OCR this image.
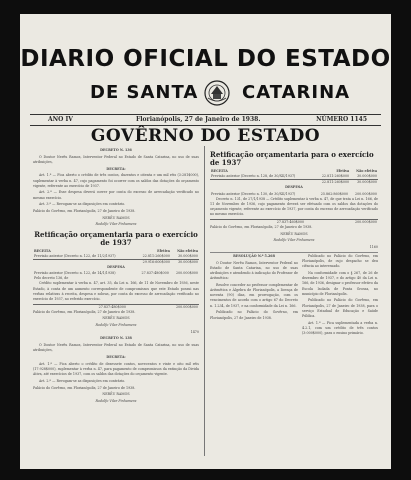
DIARIO OFICIAL DO ESTADO
DE SANTA CATARINA
ANO IV	Florianópolis, 27 de Janeiro de 1938.	NÚMERO 1145
GOVÊRNO DO ESTADO

DECRETO N. 136

O Doutor Nerêu Ramos, Interventor Federal no Estado de Santa Catarina, no uso de suas atribuições,

DECRETA:

Art. 1.º — Fica aberto o crédito de três contos, duzentos e oitenta e um mil réis (3:281$000), suplementar à verba n. 47, cujo pagamento foi ocorrer com os saldos das dotações do orçamento vigente, referente ao exercício de 1937.

Art. 2.º — Esse despesa deverá correr por conta do excesso de arrecadação verificado no mesmo exercício.

Art. 3.º — Revogam-se as disposições em contrário.

Palácio do Govêrno, em Florianópolis, 27 de Janeiro de 1938.

NERÊU RAMOS

Rodolfo Vilar Pinhamera

Retificação orçamentaria para o exercício de 1937

RECEITA	Efetiva	Não efetiva
Previsão anterior (Decreto n. 122, de 11/2/1937)	22.811:260$000	30.000$000
	29.916:600$000	30.000$000

DESPESA

Previsão anterior (Decreto n. 122, de 14/1/1938)	27.837:480$000	200.000$000
Pelo decreto 136, de		

Crédito suplementar à verba n. 47, art. 35, da Lei n. 166, de 11 de Novembro de 1936, neste Estado, à conta de um aumento correspondente de compromissos que este Estado possui nas verbas relativas à receita, despesa e sobras, por conta do excesso de arrecadação verificado no exercício de 1937, no referido exercício.

	27.837:480$000	200.000$000

Palácio do Govêrno, em Florianópolis, 27 de Janeiro de 1938.

NERÊU RAMOS

Rodolfo Vilar Pinhamera

1470

DECRETO N. 138

O Doutor Nerêu Ramos, Interventor Federal no Estado de Santa Catarina, no uso de suas atribuições,

DECRETA:

Art. 1.º — Fica aberto o crédito de dezessete contos, novecentos e vinte e oito mil réis (17:928$000), suplementar à verba n. 47, para pagamento de compromissos da extinção da Divida Ativa, até exercícios de 1937, com os saldos das dotações do orçamento vigente.

Art. 2.º — Revogam-se as disposições em contrário.

Palácio do Govêrno, em Florianópolis, 27 de Janeiro de 1938.

NERÊU RAMOS

Rodolfo Vilar Pinhamera

Retificação orçamentaria para o exercício de 1937

RECEITA	Efetiva	Não efetiva
Previsão anterior (Decreto n. 128, de 30/XII/1937)	22.811:260$000	30.000$000
	22.811:260$000	30.000$000

DESPESA

Previsão anterior (Decreto n. 130, de 30/XII/1937)	25.862:860$000	200.000$000

Decreto n. 131, de 27/1/1938 — Crédito suplementar à verba n. 47, de que trata a Lei n. 166, de 11 de Novembro de 1936, cujo pagamento deverá ser efetuado com os saldos das dotações do orçamento vigente, referente ao exercício de 1937, por conta do excesso de arrecadação verificado no mesmo exercício.

	27.837:460$000	200.000$000

Palácio do Govêrno, em Florianópolis, 27 de Janeiro de 1938.

NERÊU RAMOS

Rodolfo Vilar Pinhamera

1160

RESOLUÇÃO N.º 5.268

O Doutor Nerêu Ramos, Interventor Federal no Estado de Santa Catarina, no uso de suas atribuições e atendendo à indicação do Professor de Aritmética:

Resolve conceder ao professor complementar de Aritmética e Álgebra de Florianópolis, a licença de noventa (90) dias, em prorrogação, com os vencimentos de acordo com o artigo 67 do Decreto n. 1.234, de 1937, e na conformidade da Lei n. 166.

Publicado no Palácio do Govêrno, em Florianópolis, 27 de Janeiro de 1938.

Publicado no Palácio do Govêrno, em Florianópolis, de cujo despacho se deu ciência ao interessado.

Na conformidade com o § 267, de 26 de dezembro de 1937, e do artigo 40 da Lei n. 166, de 1936, designar o professor efetivo da Escola Isolada de Ponta Grossa, no município de Florianópolis.

Publicado no Palácio do Govêrno, em Florianópolis, 27 de Janeiro de 1938, para o serviço Estadual de Educação e Saúde Pública.

Art. 1.º — Fica suplementada a verba n. 4.2.1, com um crédito de três contos (3:000$000), para o ensino primário.
